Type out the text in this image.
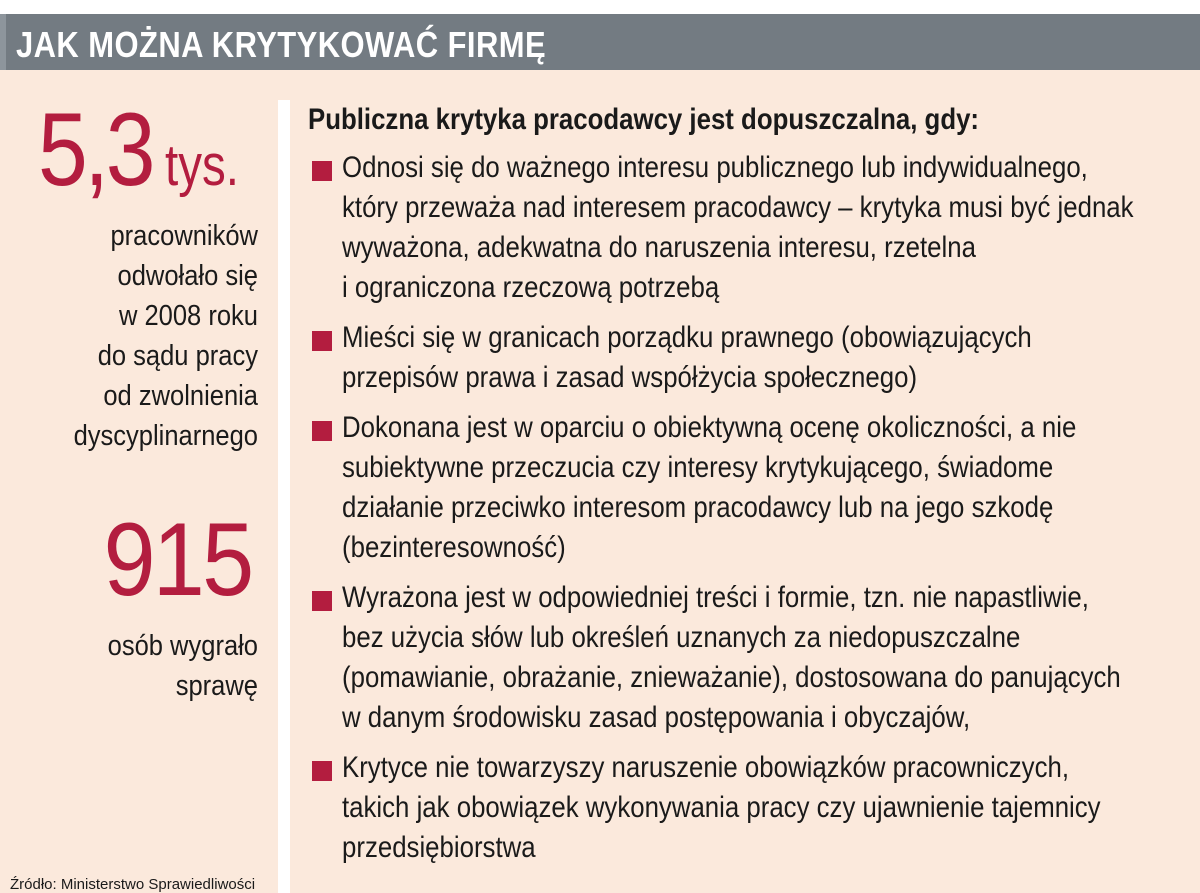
JAK MOŻNA KRYTYKOWAĆ FIRMĘ
5,3 tys.
pracowników
odwołało się
w 2008 roku
do sądu pracy
od zwolnienia
dyscyplinarnego
915
osób wygrało
sprawę
Źródło: Ministerstwo Sprawiedliwości
Publiczna krytyka pracodawcy jest dopuszczalna, gdy:
Odnosi się do ważnego interesu publicznego lub indywidualnego,
który przeważa nad interesem pracodawcy – krytyka musi być jednak
wyważona, adekwatna do naruszenia interesu, rzetelna
i ograniczona rzeczową potrzebą
Mieści się w granicach porządku prawnego (obowiązujących
przepisów prawa i zasad współżycia społecznego)
Dokonana jest w oparciu o obiektywną ocenę okoliczności, a nie
subiektywne przeczucia czy interesy krytykującego, świadome
działanie przeciwko interesom pracodawcy lub na jego szkodę
(bezinteresowność)
Wyrażona jest w odpowiedniej treści i formie, tzn. nie napastliwie,
bez użycia słów lub określeń uznanych za niedopuszczalne
(pomawianie, obrażanie, znieważanie), dostosowana do panujących
w danym środowisku zasad postępowania i obyczajów,
Krytyce nie towarzyszy naruszenie obowiązków pracowniczych,
takich jak obowiązek wykonywania pracy czy ujawnienie tajemnicy
przedsiębiorstwa
